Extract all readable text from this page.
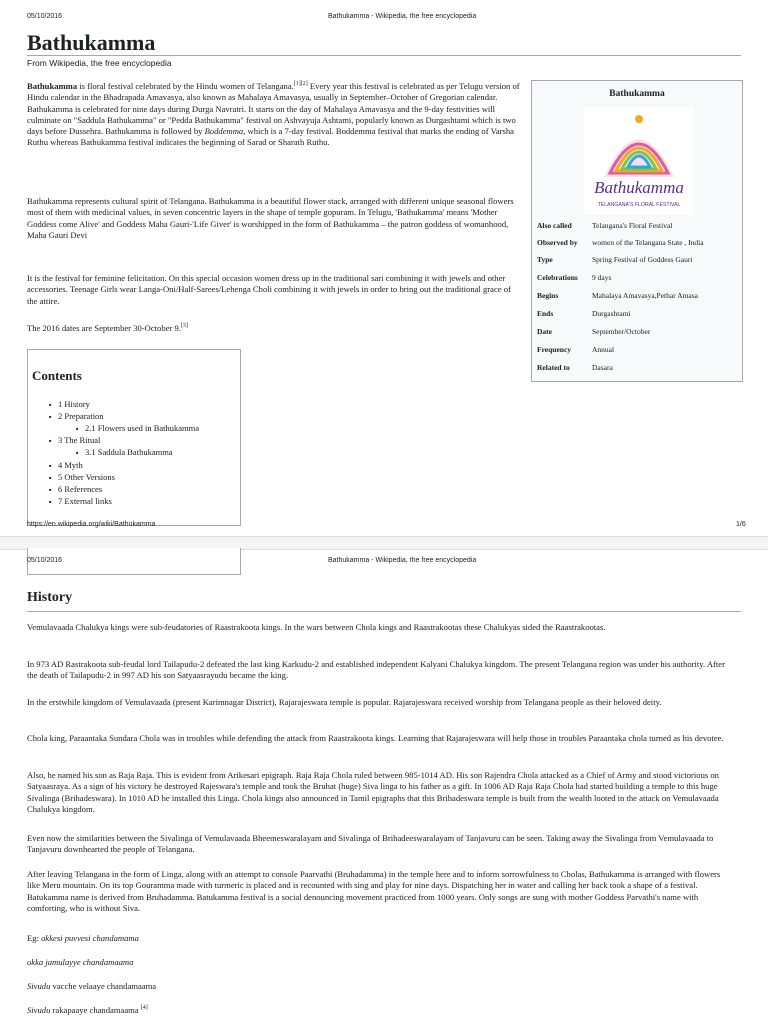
05/10/2016	Bathukamma - Wikipedia, the free encyclopedia
Bathukamma
From Wikipedia, the free encyclopedia

Bathukamma is floral festival celebrated by the Hindu women of Telangana.[1][2] Every year this festival is celebrated as per Telugu version of Hindu calendar in the Bhadrapada Amavasya, also known as Mahalaya Amavasya, usually in September–October of Gregorian calendar. Bathukamma is celebrated for nine days during Durga Navratri. It starts on the day of Mahalaya Amavasya and the 9-day festivities will culminate on "Saddula Bathukamma" or "Pedda Bathukamma" festival on Ashvayuja Ashtami, popularly known as Durgashtami which is two days before Dussehra. Bathukamma is followed by Boddemma, which is a 7-day festival. Boddemma festival that marks the ending of Varsha Ruthu whereas Bathukamma festival indicates the beginning of Sarad or Sharath Ruthu.

Bathukamma represents cultural spirit of Telangana. Bathukamma is a beautiful flower stack, arranged with different unique seasonal flowers most of them with medicinal values, in seven concentric layers in the shape of temple gopuram. In Telugu, 'Bathukamma' means 'Mother Goddess come Alive' and Goddess Maha Gauri-'Life Giver' is worshipped in the form of Bathukamma – the patron goddess of womanhood, Maha Gauri Devi

It is the festival for feminine felicitation. On this special occasion women dress up in the traditional sari combining it with jewels and other accessories. Teenage Girls wear Langa-Oni/Half-Sarees/Lehenga Choli combining it with jewels in order to bring out the traditional grace of the attire.

The 2016 dates are September 30-October 9.[3]

Bathukamma
Bathukamma
TELANGANA'S FLORAL FESTIVAL
Also called	Telangana's Floral Festival
Observed by women of the Telangana State , India
Type	Spring Festival of Goddess Gauri
Celebrations 9 days
Begins	Mahalaya Amavasya,Pethar Amasa
Ends	Durgashtami
Date	September/October
Frequency	Annual
Related to	Dasara
Contents
■ 1 History
■ 2 Preparation
■ 2.1 Flowers used in Bathukamma
■ 3 The Ritual
■ 3.1 Saddula Bathukamma
■ 4 Myth
■ 5 Other Versions
■ 6 References
■ 7 External links
https://en.wikipedia.org/wiki/Bathukamma	1/6
05/10/2016	Bathukamma - Wikipedia, the free encyclopedia
History

Vemulavaada Chalukya kings were sub-feudatories of Raastrakoota kings. In the wars between Chola kings and Raastrakootas these Chalukyas sided the Raastrakootas.

In 973 AD Rastrakoota sub-feudal lord Tailapudu-2 defeated the last king Karkudu-2 and established independent Kalyani Chalukya kingdom. The present Telangana region was under his authority. After the death of Tailapudu-2 in 997 AD his son Satyaasrayudu became the king.

In the erstwhile kingdom of Vemulavaada (present Karimnagar District), Rajarajeswara temple is popular. Rajarajeswara received worship from Telangana people as their beloved deity.

Chola king, Paraantaka Sundara Chola was in troubles while defending the attack from Raastrakoota kings. Learning that Rajarajeswara will help those in troubles Paraantaka chola turned as his devotee.

Also, he named his son as Raja Raja. This is evident from Arikesari epigraph. Raja Raja Chola ruled between 985-1014 AD. His son Rajendra Chola attacked as a Chief of Army and stood victorious on Satyaasraya. As a sign of his victory he destroyed Rajeswara's temple and took the Bruhat (huge) Siva linga to his father as a gift. In 1006 AD Raja Raja Chola had started building a temple to this huge Sivalinga (Brihadeswara). In 1010 AD he installed this Linga. Chola kings also announced in Tamil epigraphs that this Brihadeswara temple is built from the wealth looted in the attack on Vemulavaada Chalukya kingdom.

Even now the similarities between the Sivalinga of Vemulavaada Bheemeswaralayam and Sivalinga of Brihadeeswaralayam of Tanjavuru can be seen. Taking away the Sivalinga from Vemulavaada to Tanjavuru downhearted the people of Telangana.

After leaving Telangana in the form of Linga, along with an attempt to console Paarvathi (Bruhadamma) in the temple here and to inform sorrowfulness to Cholas, Bathukamma is arranged with flowers like Meru mountain. On its top Gouramma made with turmeric is placed and is recounted with sing and play for nine days. Dispatching her in water and calling her back took a shape of a festival. Batukamma name is derived from Bruhadamma. Batukamma festival is a social denouncing movement practiced from 1000 years. Only songs are sung with mother Goddess Parvathi's name with comforting, who is without Siva.

Eg: okkesi puvvesi chandamama

okka jamulayye chandamaama

Sivudu vacche velaaye chandamaama

Sivudu rakapaaye chandamaama [4]
